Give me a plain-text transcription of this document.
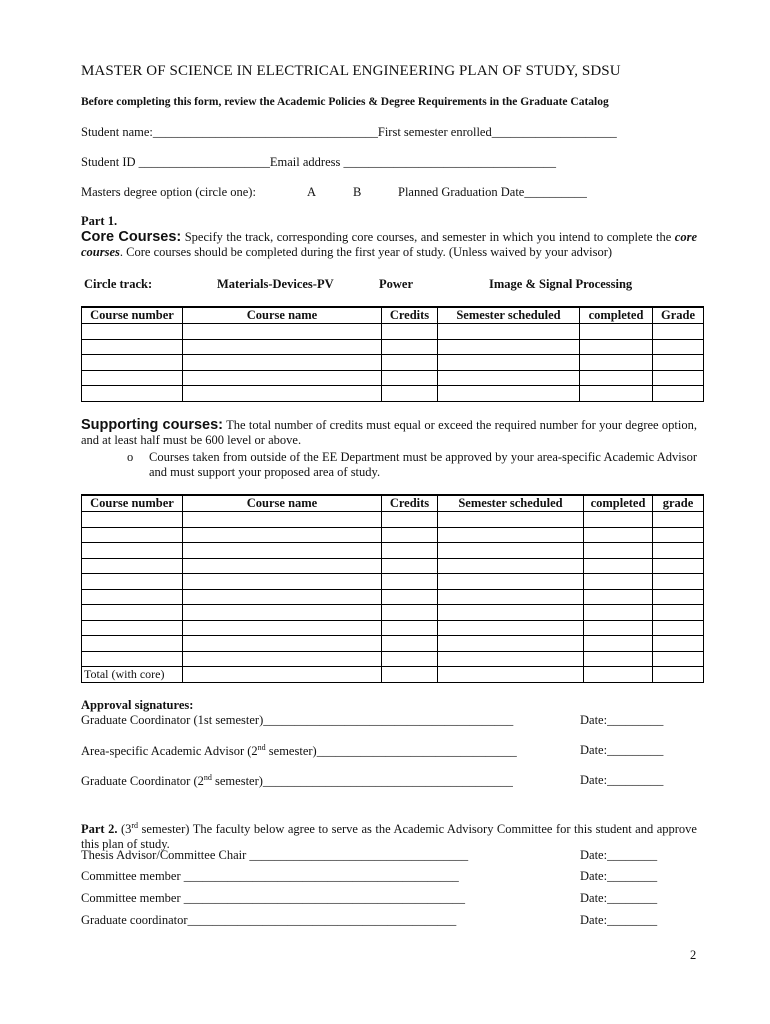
MASTER OF SCIENCE IN ELECTRICAL ENGINEERING PLAN OF STUDY, SDSU
Before completing this form, review the Academic Policies & Degree Requirements in the Graduate Catalog
Student name:____________________________________First semester enrolled____________________
Student ID _____________________Email address __________________________________
Masters degree option (circle one):	A	B	Planned Graduation Date__________
Part 1.
Core Courses: Specify the track, corresponding core courses, and semester in which you intend to complete the core courses. Core courses should be completed during the first year of study. (Unless waived by your advisor)
Circle track:	Materials-Devices-PV	Power	Image & Signal Processing
Course number	Course name	Credits	Semester scheduled	completed	Grade

Supporting courses: The total number of credits must equal or exceed the required number for your degree option, and at least half must be 600 level or above.
o Courses taken from outside of the EE Department must be approved by your area-specific Academic Advisor and must support your proposed area of study.
Course number	Course name	Credits	Semester scheduled	completed	grade

Total (with core)					
Approval signatures:
Graduate Coordinator (1st semester)________________________________________	Date:_________
Area-specific Academic Advisor (2nd semester)________________________________	Date:_________
Graduate Coordinator (2nd semester)________________________________________	Date:_________
Part 2. (3rd semester) The faculty below agree to serve as the Academic Advisory Committee for this student and approve this plan of study.
Thesis Advisor/Committee Chair ___________________________________	Date:________
Committee member ____________________________________________	Date:________
Committee member _____________________________________________	Date:________
Graduate coordinator___________________________________________	Date:________
2
